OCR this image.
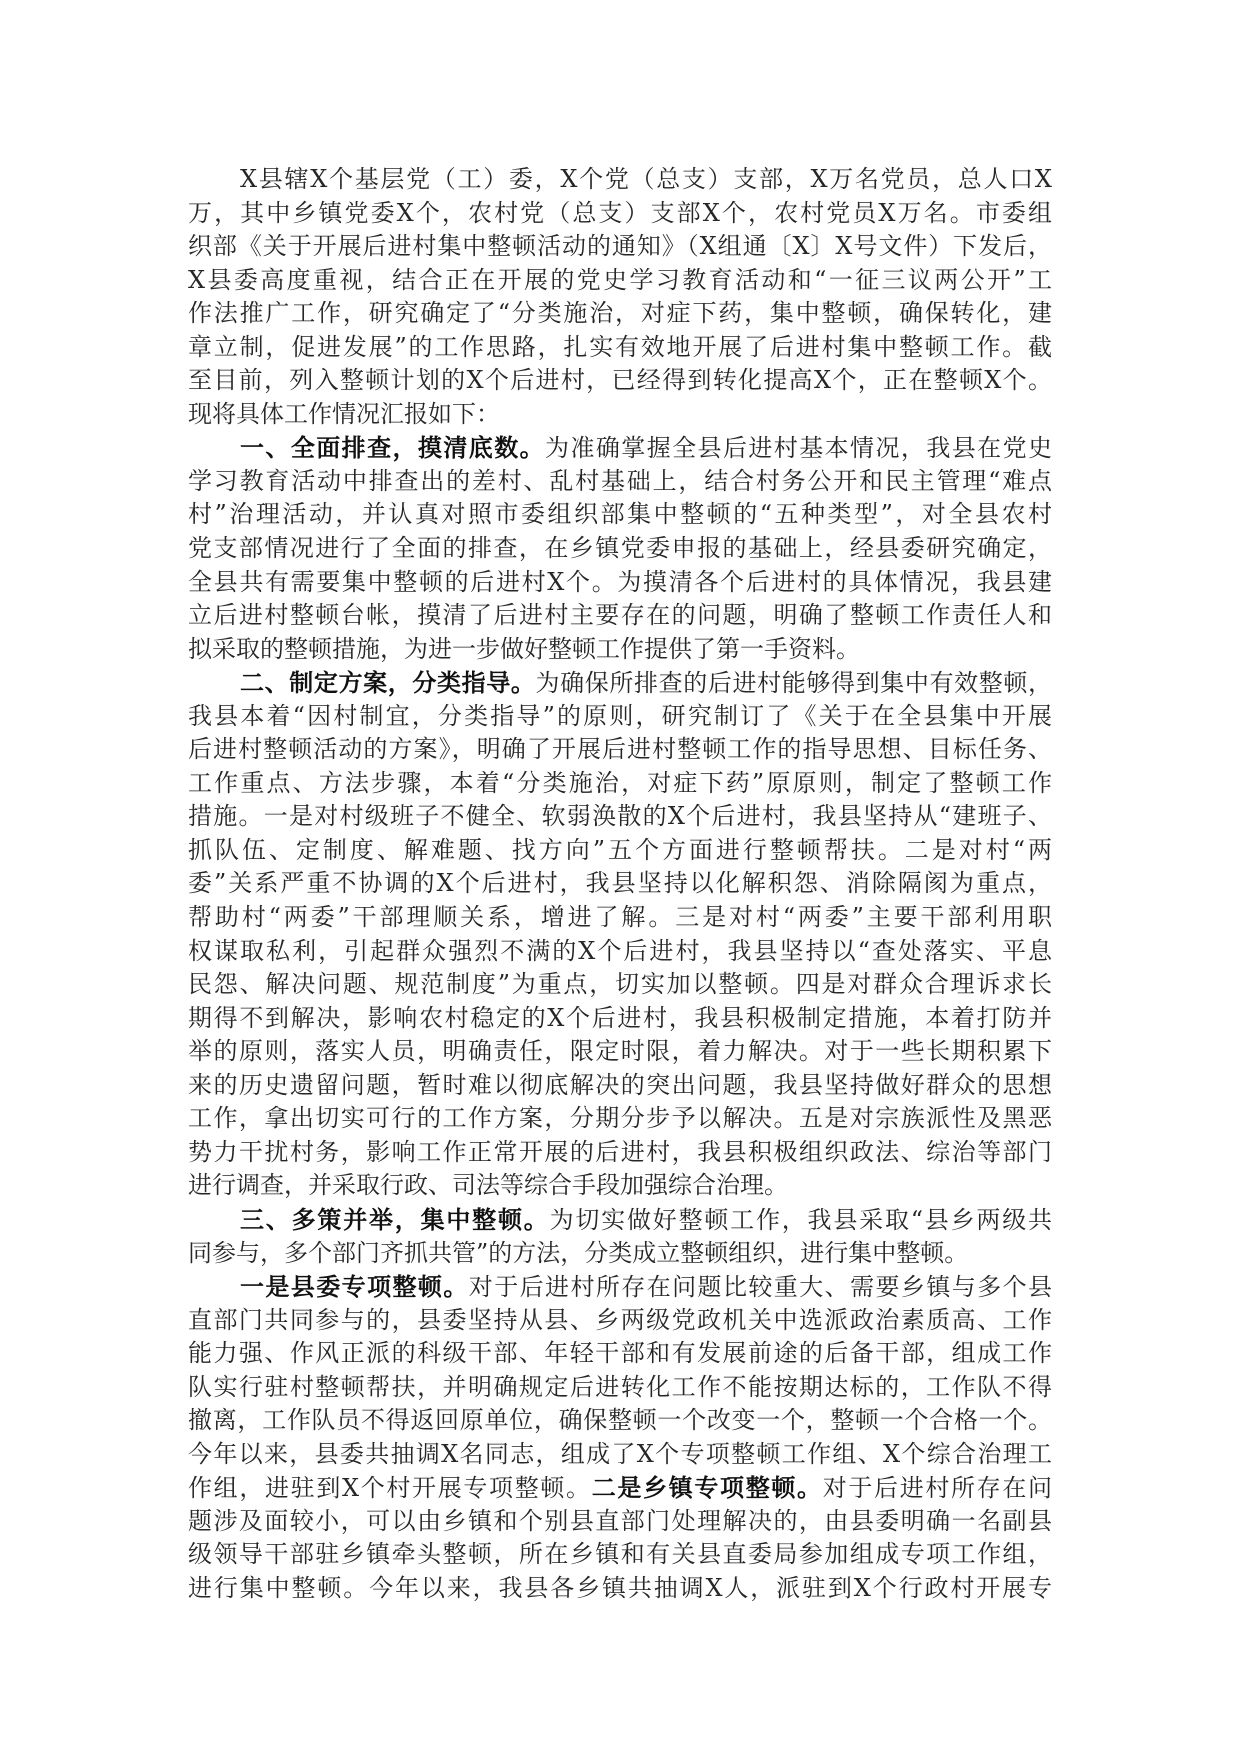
X县辖X个基层党（工）委，X个党（总支）支部，X万名党员，总人口X
万，其中乡镇党委X个，农村党（总支）支部X个，农村党员X万名。市委组
织部《关于开展后进村集中整顿活动的通知》（X组通〔X〕X号文件）下发后，
X县委高度重视，结合正在开展的党史学习教育活动和“一征三议两公开”工
作法推广工作，研究确定了“分类施治，对症下药，集中整顿，确保转化，建
章立制，促进发展”的工作思路，扎实有效地开展了后进村集中整顿工作。截
至目前，列入整顿计划的X个后进村，已经得到转化提高X个，正在整顿X个。
现将具体工作情况汇报如下：
一、全面排查，摸清底数。为准确掌握全县后进村基本情况，我县在党史
学习教育活动中排查出的差村、乱村基础上，结合村务公开和民主管理“难点
村”治理活动，并认真对照市委组织部集中整顿的“五种类型”，对全县农村
党支部情况进行了全面的排查，在乡镇党委申报的基础上，经县委研究确定，
全县共有需要集中整顿的后进村X个。为摸清各个后进村的具体情况，我县建
立后进村整顿台帐，摸清了后进村主要存在的问题，明确了整顿工作责任人和
拟采取的整顿措施，为进一步做好整顿工作提供了第一手资料。
二、制定方案，分类指导。为确保所排查的后进村能够得到集中有效整顿，
我县本着“因村制宜，分类指导”的原则，研究制订了《关于在全县集中开展
后进村整顿活动的方案》，明确了开展后进村整顿工作的指导思想、目标任务、
工作重点、方法步骤，本着“分类施治，对症下药”原原则，制定了整顿工作
措施。一是对村级班子不健全、软弱涣散的X个后进村，我县坚持从“建班子、
抓队伍、定制度、解难题、找方向”五个方面进行整顿帮扶。二是对村“两
委”关系严重不协调的X个后进村，我县坚持以化解积怨、消除隔阂为重点，
帮助村“两委”干部理顺关系，增进了解。三是对村“两委”主要干部利用职
权谋取私利，引起群众强烈不满的X个后进村，我县坚持以“查处落实、平息
民怨、解决问题、规范制度”为重点，切实加以整顿。四是对群众合理诉求长
期得不到解决，影响农村稳定的X个后进村，我县积极制定措施，本着打防并
举的原则，落实人员，明确责任，限定时限，着力解决。对于一些长期积累下
来的历史遗留问题，暂时难以彻底解决的突出问题，我县坚持做好群众的思想
工作，拿出切实可行的工作方案，分期分步予以解决。五是对宗族派性及黑恶
势力干扰村务，影响工作正常开展的后进村，我县积极组织政法、综治等部门
进行调查，并采取行政、司法等综合手段加强综合治理。
三、多策并举，集中整顿。为切实做好整顿工作，我县采取“县乡两级共
同参与，多个部门齐抓共管”的方法，分类成立整顿组织，进行集中整顿。
一是县委专项整顿。对于后进村所存在问题比较重大、需要乡镇与多个县
直部门共同参与的，县委坚持从县、乡两级党政机关中选派政治素质高、工作
能力强、作风正派的科级干部、年轻干部和有发展前途的后备干部，组成工作
队实行驻村整顿帮扶，并明确规定后进转化工作不能按期达标的，工作队不得
撤离，工作队员不得返回原单位，确保整顿一个改变一个，整顿一个合格一个。
今年以来，县委共抽调X名同志，组成了X个专项整顿工作组、X个综合治理工
作组，进驻到X个村开展专项整顿。二是乡镇专项整顿。对于后进村所存在问
题涉及面较小，可以由乡镇和个别县直部门处理解决的，由县委明确一名副县
级领导干部驻乡镇牵头整顿，所在乡镇和有关县直委局参加组成专项工作组，
进行集中整顿。今年以来，我县各乡镇共抽调X人，派驻到X个行政村开展专
